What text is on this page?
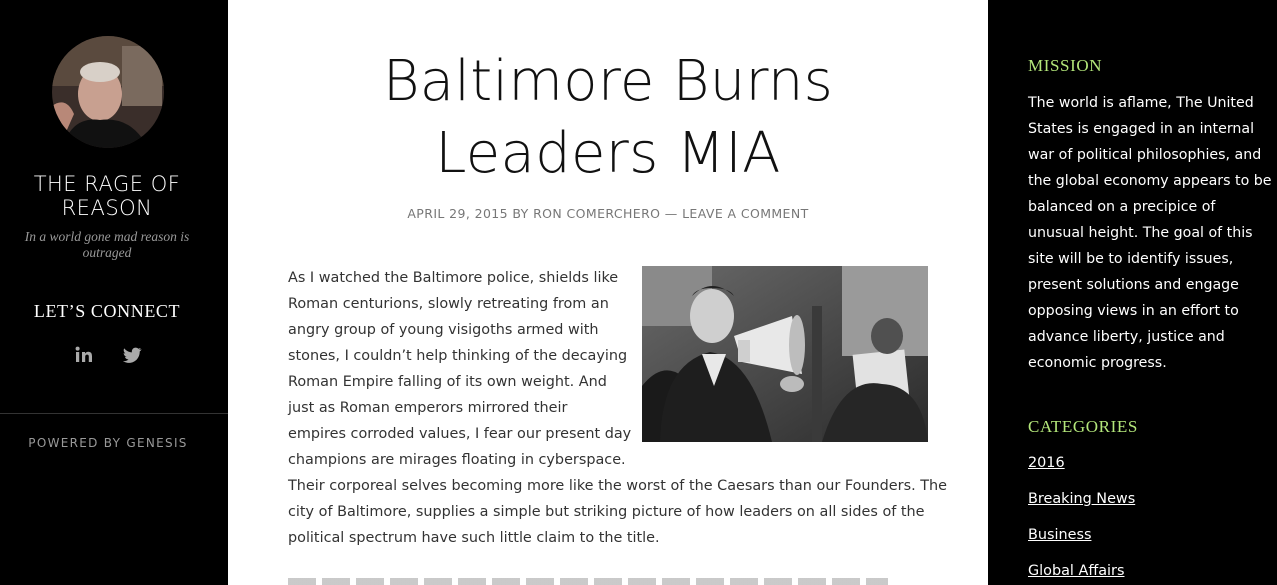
THE RAGE OF
REASON
In a world gone mad reason is
outraged
LET’S CONNECT
POWERED BY GENESIS
Baltimore Burns
Leaders MIA
APRIL 29, 2015 BY RON COMERCHERO — LEAVE A COMMENT
As I watched the Baltimore police, shields like
Roman centurions, slowly retreating from an
angry group of young visigoths armed with
stones, I couldn’t help thinking of the decaying
Roman Empire falling of its own weight. And
just as Roman emperors mirrored their
empires corroded values, I fear our present day
champions are mirages floating in cyberspace.
Their corporeal selves becoming more like the worst of the Caesars than our Founders. The
city of Baltimore, supplies a simple but striking picture of how leaders on all sides of the
political spectrum have such little claim to the title.
MISSION
The world is aflame, The United
States is engaged in an internal
war of political philosophies, and
the global economy appears to be
balanced on a precipice of
unusual height. The goal of this
site will be to identify issues,
present solutions and engage
opposing views in an effort to
advance liberty, justice and
economic progress.
CATEGORIES
2016
Breaking News
Business
Global Affairs
